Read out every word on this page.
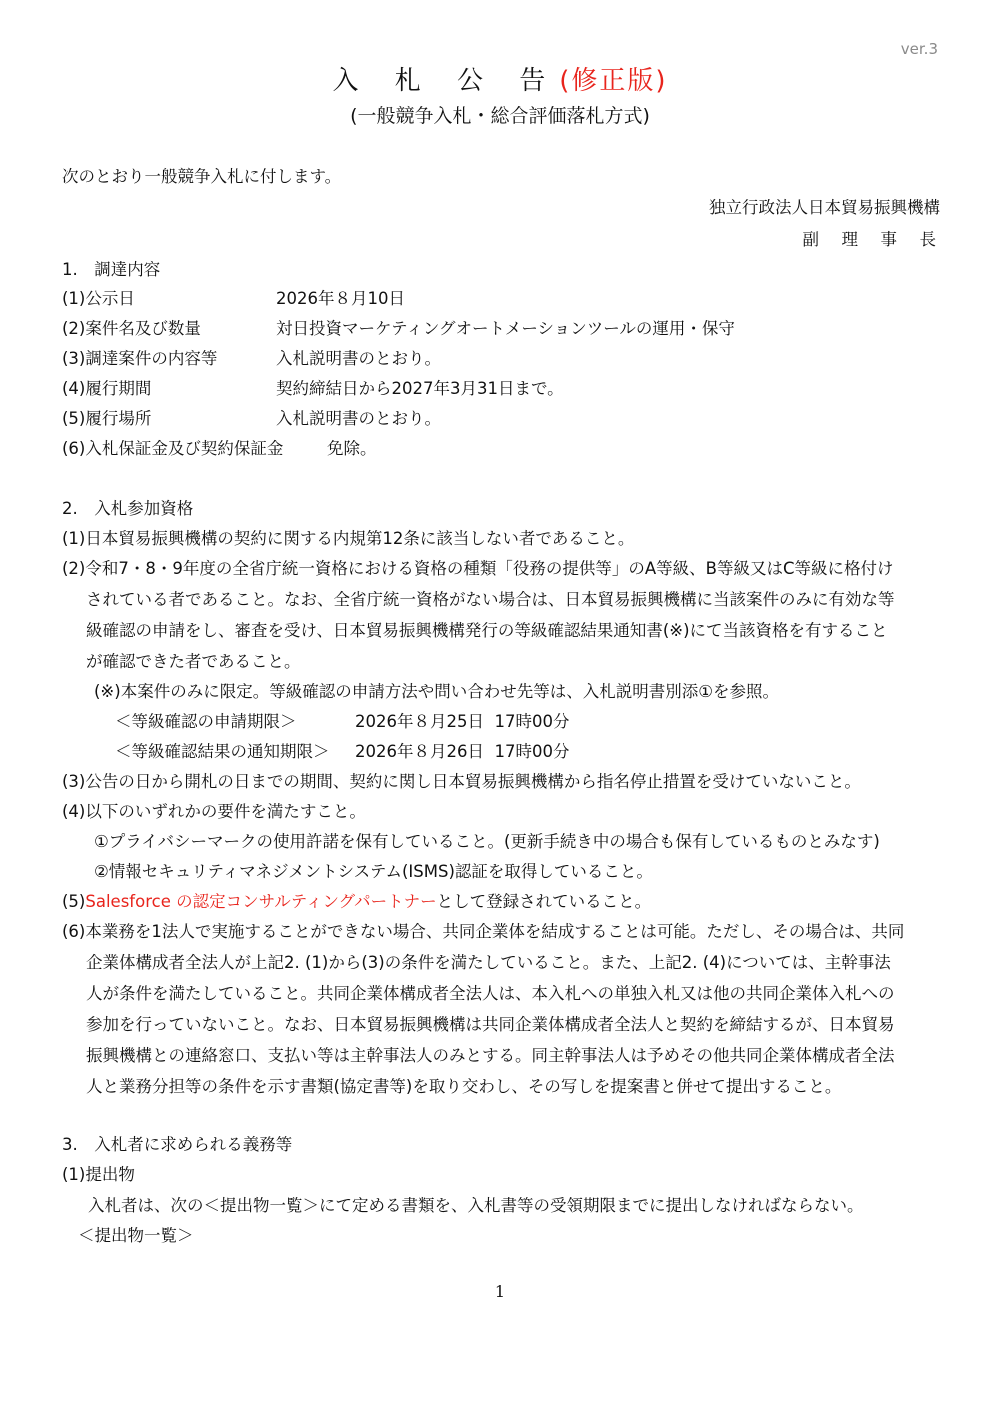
ver.3
入 札 公 告(修正版)
(一般競争入札・総合評価落札方式)
次のとおり一般競争入札に付します。
独立行政法人日本貿易振興機構
副  理  事  長
1.　調達内容
(1)公示日	2026年８月10日
(2)案件名及び数量	対日投資マーケティングオートメーションツールの運用・保守
(3)調達案件の内容等	入札説明書のとおり。
(4)履行期間	契約締結日から2027年3月31日まで。
(5)履行場所	入札説明書のとおり。
(6)入札保証金及び契約保証金	免除。
2.　入札参加資格
(1)日本貿易振興機構の契約に関する内規第12条に該当しない者であること。
(2)令和7・8・9年度の全省庁統一資格における資格の種類「役務の提供等」のA等級、B等級又はC等級に格付け
されている者であること。なお、全省庁統一資格がない場合は、日本貿易振興機構に当該案件のみに有効な等
級確認の申請をし、審査を受け、日本貿易振興機構発行の等級確認結果通知書(※)にて当該資格を有すること
が確認できた者であること。
(※)本案件のみに限定。等級確認の申請方法や問い合わせ先等は、入札説明書別添①を参照。
＜等級確認の申請期限＞	2026年８月25日  17時00分
＜等級確認結果の通知期限＞ 2026年８月26日  17時00分
(3)公告の日から開札の日までの期間、契約に関し日本貿易振興機構から指名停止措置を受けていないこと。
(4)以下のいずれかの要件を満たすこと。
①プライバシーマークの使用許諾を保有していること。(更新手続き中の場合も保有しているものとみなす)
②情報セキュリティマネジメントシステム(ISMS)認証を取得していること。
(5)Salesforce の認定コンサルティングパートナーとして登録されていること。
(6)本業務を1法人で実施することができない場合、共同企業体を結成することは可能。ただし、その場合は、共同
企業体構成者全法人が上記2. (1)から(3)の条件を満たしていること。また、上記2. (4)については、主幹事法
人が条件を満たしていること。共同企業体構成者全法人は、本入札への単独入札又は他の共同企業体入札への
参加を行っていないこと。なお、日本貿易振興機構は共同企業体構成者全法人と契約を締結するが、日本貿易
振興機構との連絡窓口、支払い等は主幹事法人のみとする。同主幹事法人は予めその他共同企業体構成者全法
人と業務分担等の条件を示す書類(協定書等)を取り交わし、その写しを提案書と併せて提出すること。
3.　入札者に求められる義務等
(1)提出物
入札者は、次の＜提出物一覧＞にて定める書類を、入札書等の受領期限までに提出しなければならない。
＜提出物一覧＞
1
